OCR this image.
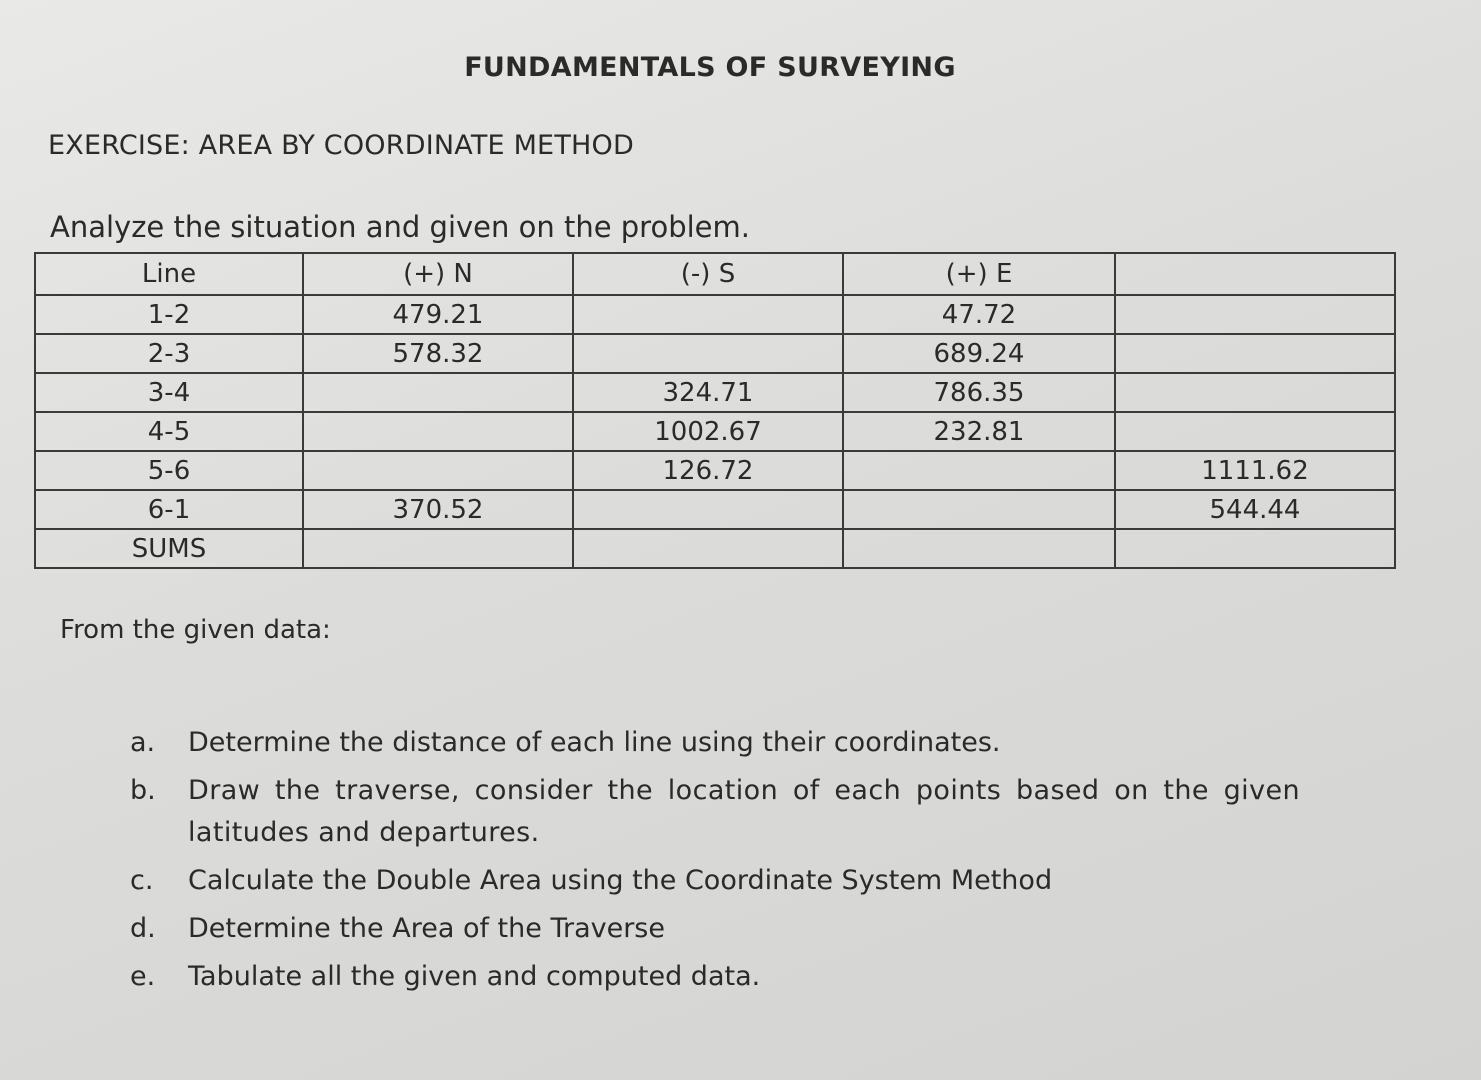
FUNDAMENTALS OF SURVEYING
EXERCISE: AREA BY COORDINATE METHOD
Analyze the situation and given on the problem.
Line	(+) N	(-) S	(+) E	
1-2	479.21		47.72	
2-3	578.32		689.24	
3-4		324.71	786.35	
4-5		1002.67	232.81	
5-6		126.72		1111.62
6-1	370.52			544.44
SUMS				
From the given data:
a.	Determine the distance of each line using their coordinates.
b.	Draw the traverse, consider the location of each points based on the given latitudes and departures.
c.	Calculate the Double Area using the Coordinate System Method
d.	Determine the Area of the Traverse
e.	Tabulate all the given and computed data.
